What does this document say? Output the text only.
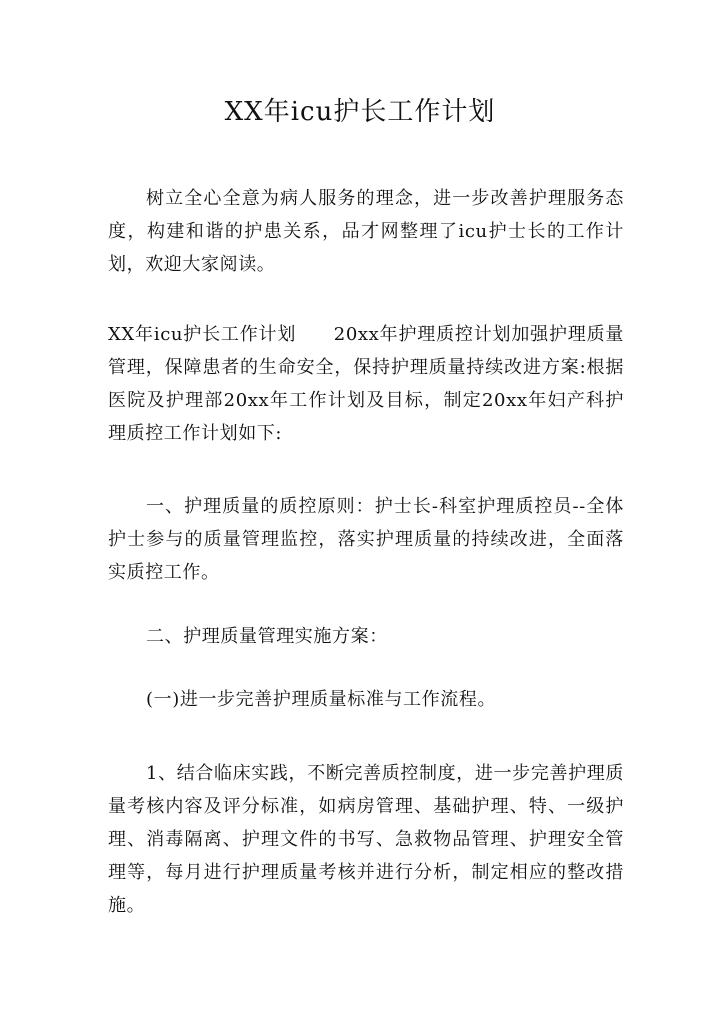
XX年icu护长工作计划
树立全心全意为病人服务的理念，进一步改善护理服务态度，构建和谐的护患关系，品才网整理了icu护士长的工作计划，欢迎大家阅读。
XX年icu护长工作计划　　20xx年护理质控计划加强护理质量管理，保障患者的生命安全，保持护理质量持续改进方案:根据医院及护理部20xx年工作计划及目标，制定20xx年妇产科护理质控工作计划如下:
一、护理质量的质控原则：护士长-科室护理质控员--全体护士参与的质量管理监控，落实护理质量的持续改进，全面落实质控工作。
二、护理质量管理实施方案：
(一)进一步完善护理质量标准与工作流程。
1、结合临床实践，不断完善质控制度，进一步完善护理质量考核内容及评分标准，如病房管理、基础护理、特、一级护理、消毒隔离、护理文件的书写、急救物品管理、护理安全管理等，每月进行护理质量考核并进行分析，制定相应的整改措施。
